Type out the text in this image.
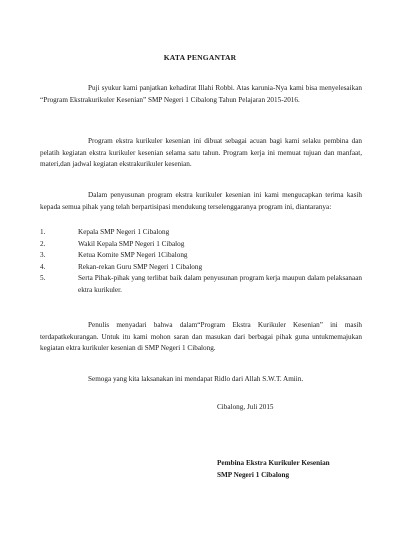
KATA PENGANTAR

Puji syukur kami panjatkan kehadirat Illahi Robbi. Atas karunia-Nya kami bisa menyelesaikan “Program Ekstrakurikuler Kesenian” SMP Negeri 1 Cibalong Tahun Pelajaran 2015-2016.

Program ekstra kurikuler kesenian ini dibuat sebagai acuan bagi kami selaku pembina dan pelatih kegiatan ekstra kurikuler kesenian selama satu tahun. Program kerja ini memuat tujuan dan manfaat, materi,dan jadwal kegiatan ekstrakurikuler kesenian.

Dalam penyusunan program ekstra kurikuler kesenian ini kami mengucapkan terima kasih kepada semua pihak yang telah berpartisipasi mendukung terselenggaranya program ini, diantaranya:

1.	Kepala SMP Negeri 1 Cibalong
2.	Wakil Kepala SMP Negeri 1 Cibalog
3.	Ketua Komite SMP Negeri 1Cibalong
4.	Rekan-rekan Guru SMP Negeri 1 Cibalong
5.	Serta Pihak-pihak yang terlibat baik dalam penyusunan program kerja maupun dalam pelaksanaan ektra kurikuler.

Penulis menyadari bahwa dalam“Program Ekstra Kurikuler Kesenian” ini masih terdapatkekurangan. Untuk itu kami mohon saran dan masukan dari berbagai pihak guna untukmemajukan kegiatan ektra kurikuler kesenian di SMP Negeri 1 Cibalong.

Semoga yang kita laksanakan ini mendapat Ridlo dari Allah S.W.T. Amiin.

Cibalong, Juli 2015
Pembina Ekstra Kurikuler Kesenian
SMP Negeri 1 Cibalong
